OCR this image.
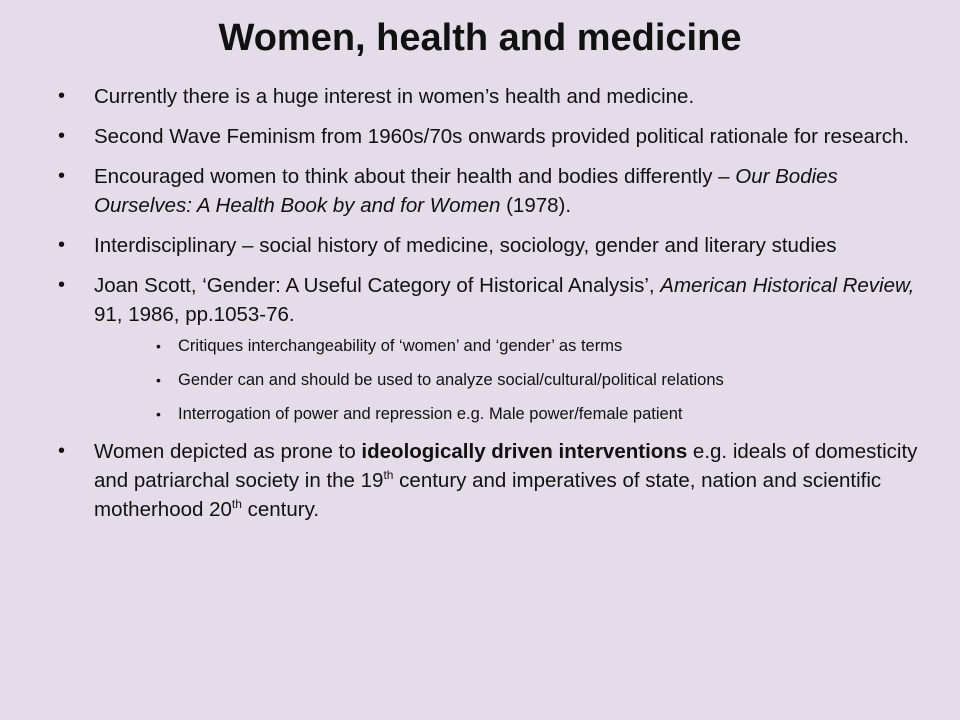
Women, health and medicine
• Currently there is a huge interest in women’s health and medicine.
• Second Wave Feminism from 1960s/70s onwards provided political rationale for research.
• Encouraged women to think about their health and bodies differently – Our Bodies Ourselves: A Health Book by and for Women (1978).
• Interdisciplinary – social history of medicine, sociology, gender and literary studies
• Joan Scott, ‘Gender: A Useful Category of Historical Analysis’, American Historical Review, 91, 1986, pp.1053-76.
• Critiques interchangeability of ‘women’ and ‘gender’ as terms
• Gender can and should be used to analyze social/cultural/political relations
• Interrogation of power and repression e.g. Male power/female patient
• Women depicted as prone to ideologically driven interventions e.g. ideals of domesticity and patriarchal society in the 19th century and imperatives of state, nation and scientific motherhood 20th century.
